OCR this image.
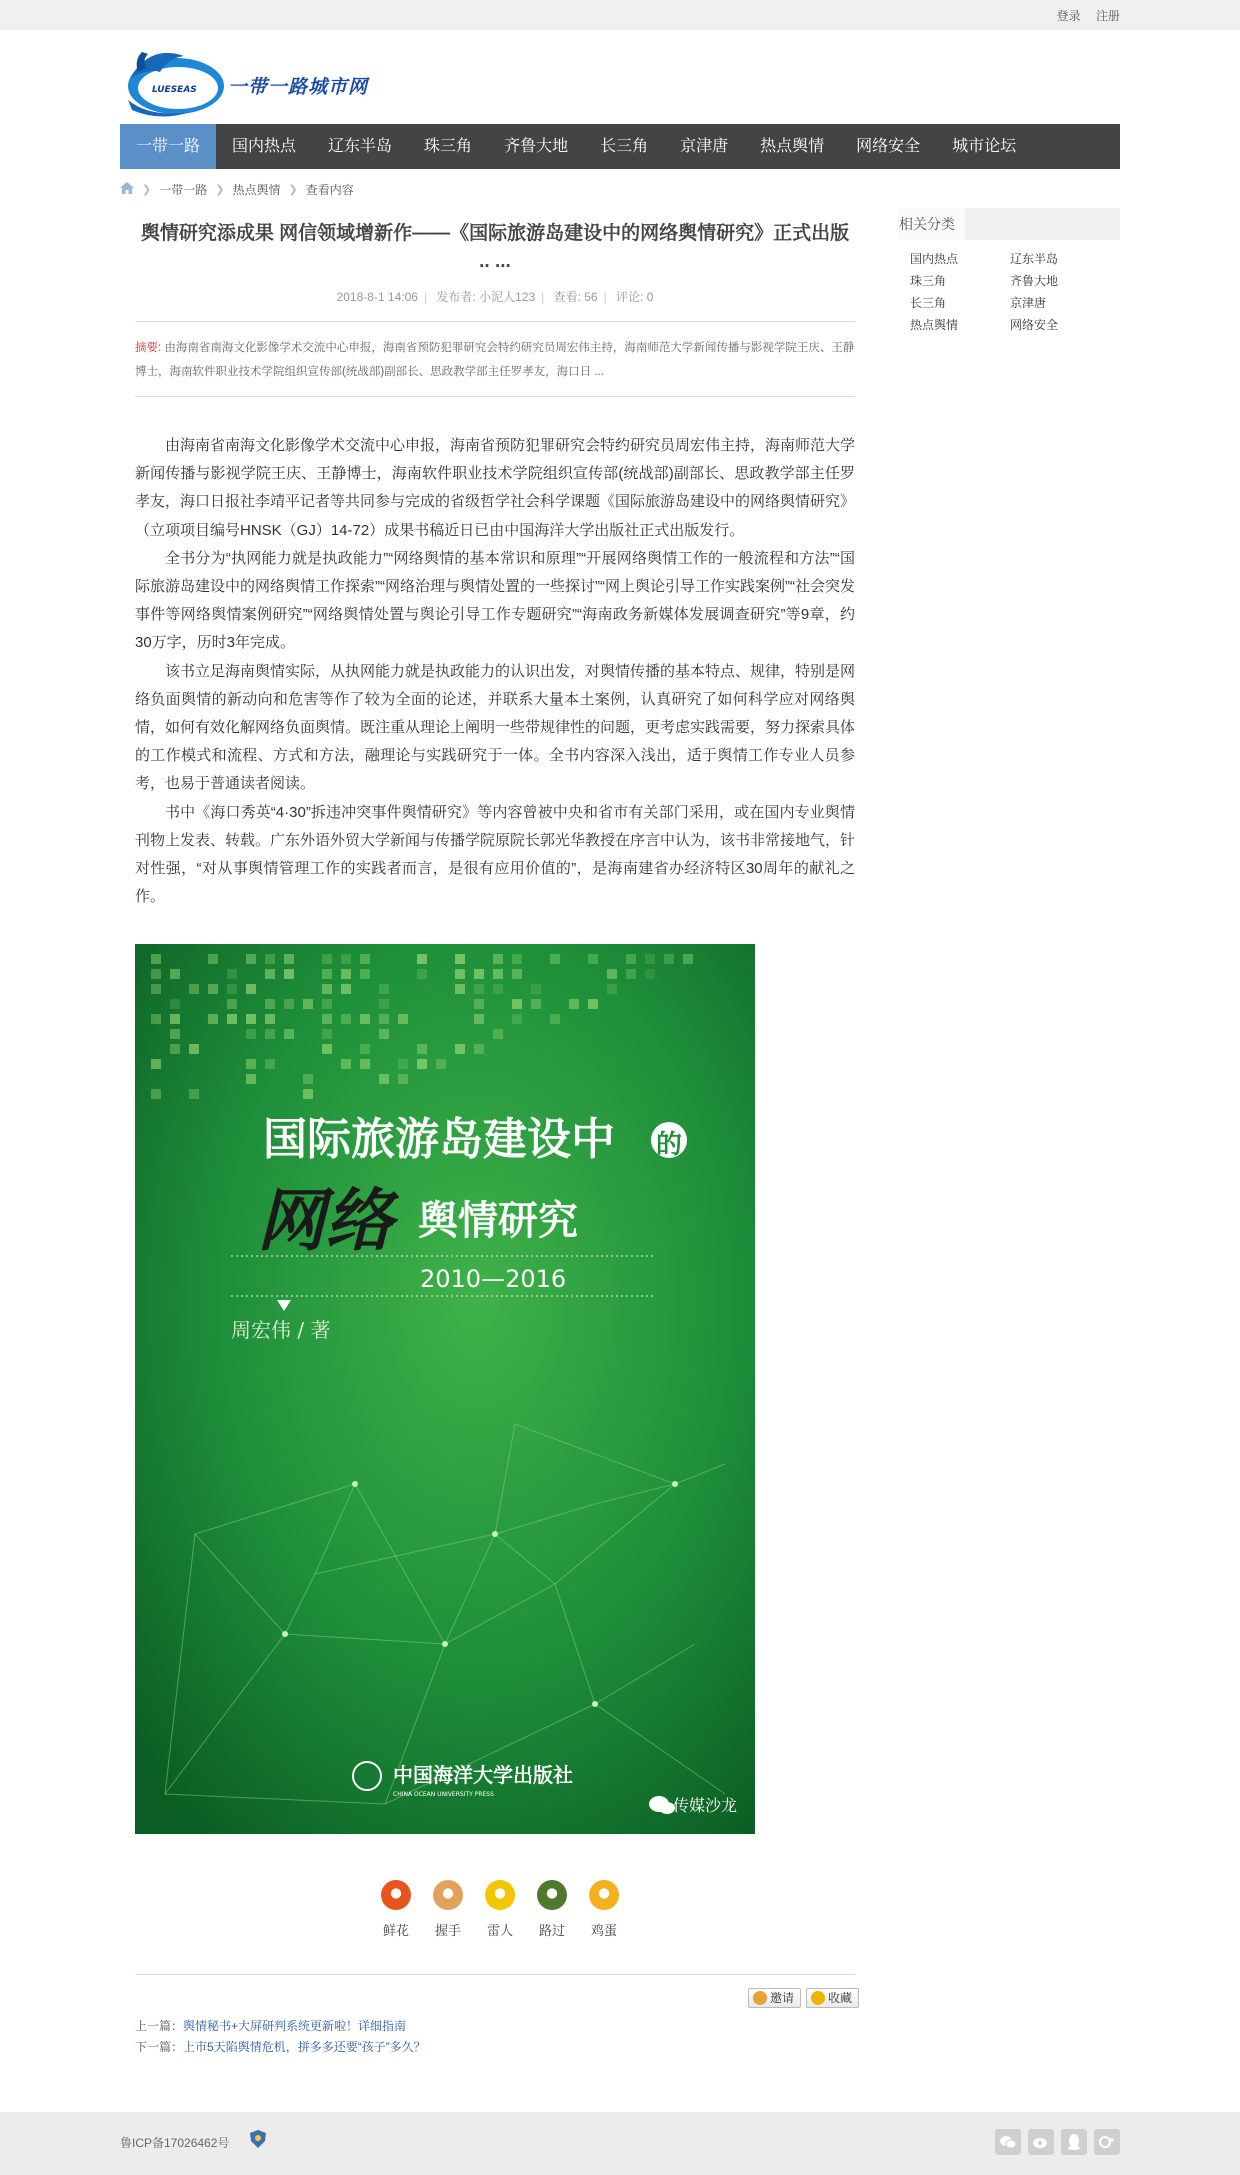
登录 注册
LUESEAS 一带一路城市网
一带一路	国内热点	辽东半岛	珠三角	齐鲁大地	长三角	京津唐	热点舆情	网络安全	城市论坛
❯ 一带一路 ❯ 热点舆情 ❯ 查看内容
舆情研究添成果 网信领域增新作——《国际旅游岛建设中的网络舆情研究》正式出版 .. ...
2018-8-1 14:06 | 发布者: 小泥人123 | 查看: 56 | 评论: 0
摘要: 由海南省南海文化影像学术交流中心申报，海南省预防犯罪研究会特约研究员周宏伟主持，海南师范大学新闻传播与影视学院王庆、王静博士，海南软件职业技术学院组织宣传部(统战部)副部长、思政教学部主任罗孝友，海口日 ...

由海南省南海文化影像学术交流中心申报，海南省预防犯罪研究会特约研究员周宏伟主持，海南师范大学新闻传播与影视学院王庆、王静博士，海南软件职业技术学院组织宣传部(统战部)副部长、思政教学部主任罗孝友，海口日报社李靖平记者等共同参与完成的省级哲学社会科学课题《国际旅游岛建设中的网络舆情研究》（立项项目编号HNSK（GJ）14-72）成果书稿近日已由中国海洋大学出版社正式出版发行。

全书分为“执网能力就是执政能力”“网络舆情的基本常识和原理”“开展网络舆情工作的一般流程和方法”“国际旅游岛建设中的网络舆情工作探索”“网络治理与舆情处置的一些探讨”“网上舆论引导工作实践案例”“社会突发事件等网络舆情案例研究”“网络舆情处置与舆论引导工作专题研究”“海南政务新媒体发展调查研究”等9章，约30万字，历时3年完成。

该书立足海南舆情实际，从执网能力就是执政能力的认识出发，对舆情传播的基本特点、规律，特别是网络负面舆情的新动向和危害等作了较为全面的论述，并联系大量本土案例，认真研究了如何科学应对网络舆情，如何有效化解网络负面舆情。既注重从理论上阐明一些带规律性的问题，更考虑实践需要，努力探索具体的工作模式和流程、方式和方法，融理论与实践研究于一体。全书内容深入浅出，适于舆情工作专业人员参考，也易于普通读者阅读。

书中《海口秀英“4·30”拆违冲突事件舆情研究》等内容曾被中央和省市有关部门采用，或在国内专业舆情刊物上发表、转载。广东外语外贸大学新闻与传播学院原院长郭光华教授在序言中认为，该书非常接地气，针对性强，“对从事舆情管理工作的实践者而言，是很有应用价值的”，是海南建省办经济特区30周年的献礼之作。

国际旅游岛建设中 的
网络 舆情研究
2010—2016
周宏伟 / 著
中国海洋大学出版社
CHINA OCEAN UNIVERSITY PRESS
传媒沙龙
鲜花	握手	雷人	路过	鸡蛋
邀请	收藏
上一篇：舆情秘书+大屏研判系统更新啦！详细指南
下一篇：上市5天陷舆情危机，拼多多还要“孩子”多久？
相关分类
国内热点	辽东半岛
珠三角	齐鲁大地
长三角	京津唐
热点舆情	网络安全
鲁ICP备17026462号
